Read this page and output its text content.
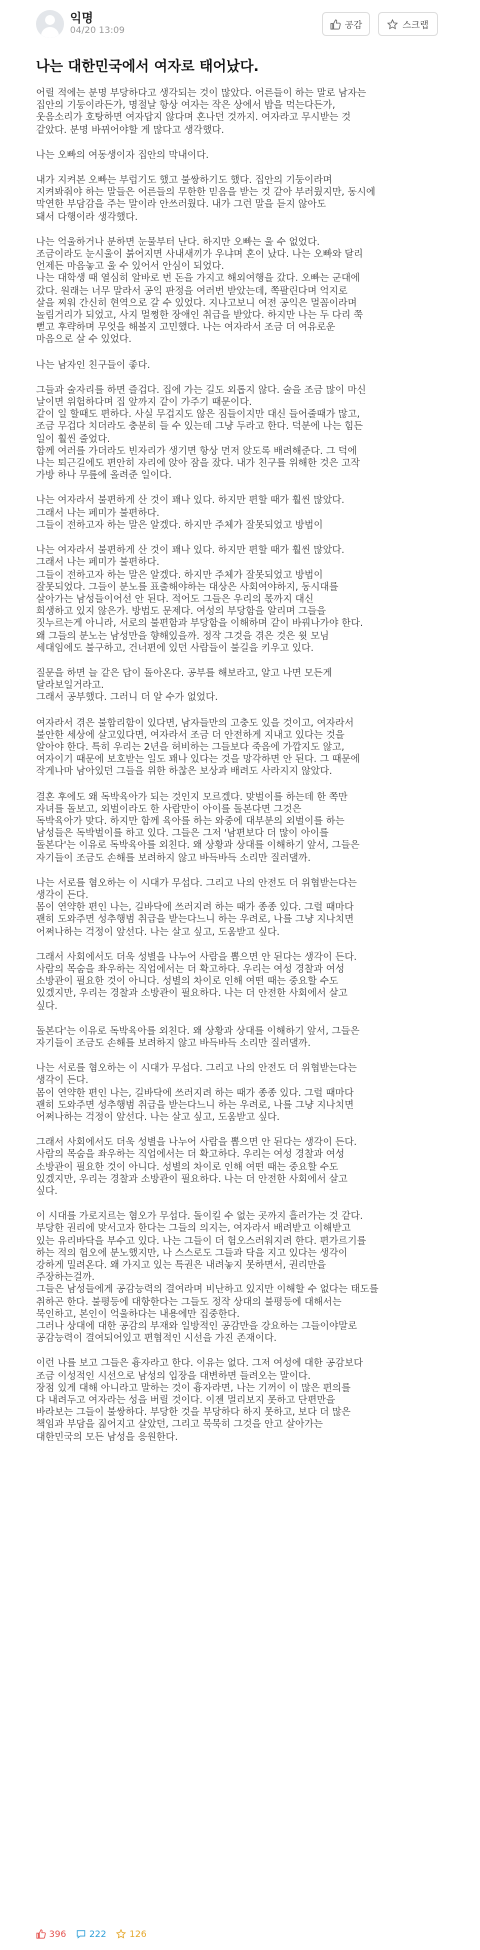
익명
04/20 13:09
공감	스크랩
나는 대한민국에서 여자로 태어났다.

어릴 적에는 분명 부당하다고 생각되는 것이 많았다. 어른들이 하는 말로 남자는
집안의 기둥이라든가, 명절날 항상 여자는 작은 상에서 밥을 먹는다든가,
웃음소리가 호탕하면 여자답지 않다며 혼나던 것까지. 여자라고 무시받는 것
같았다. 분명 바뀌어야할 게 많다고 생각했다.

나는 오빠의 여동생이자 집안의 막내이다.

내가 지켜본 오빠는 부럽기도 했고 불쌍하기도 했다. 집안의 기둥이라며
지켜봐줘야 하는 말들은 어른들의 무한한 믿음을 받는 것 같아 부러웠지만, 동시에
막연한 부담감을 주는 말이라 안쓰러웠다. 내가 그런 말을 듣지 않아도
돼서 다행이라 생각했다.

나는 억울하거나 분하면 눈물부터 난다. 하지만 오빠는 울 수 없었다.
조금이라도 눈시울이 붉어지면 사내새끼가 우냐며 혼이 났다. 나는 오빠와 달리
언제든 마음놓고 울 수 있어서 안심이 되었다.
나는 대학생 때 열심히 알바로 번 돈을 가지고 해외여행을 갔다. 오빠는 군대에
갔다. 원래는 너무 말라서 공익 판정을 여러번 받았는데, 쪽팔린다며 억지로
살을 찌워 간신히 현역으로 갈 수 있었다. 지나고보니 여전 공익은 멀꼼이라며
놀림거리가 되었고, 사지 멀쩡한 장애인 취급을 받았다. 하지만 나는 두 다리 쭉
뻗고 후략하며 무엇을 해볼지 고민했다. 나는 여자라서 조금 더 여유로운
마음으로 살 수 있었다.

나는 남자인 친구들이 좋다.

그들과 술자리를 하면 즐겁다. 집에 가는 길도 외롭지 않다. 술을 조금 많이 마신
날이면 위험하다며 집 앞까지 같이 가주기 때문이다.
같이 일 할때도 편하다. 사실 무겁지도 않은 짐들이지만 대신 들어줄때가 많고,
조금 무겁다 치더라도 충분히 들 수 있는데 그냥 두라고 한다. 덕분에 나는 힘든
일이 훨씬 줄었다.
함께 여러를 가더라도 빈자리가 생기면 항상 먼저 앉도록 배려해준다. 그 덕에
나는 퇴근길에도 편안히 자리에 앉아 잠을 잤다. 내가 친구를 위해한 것은 고작
가방 하나 무릎에 올려준 일이다.

나는 여자라서 불편하게 산 것이 꽤나 있다. 하지만 편할 때가 훨씬 많았다.
그래서 나는 페미가 불편하다.
그들이 전하고자 하는 말은 알겠다. 하지만 주체가 잘못되었고 방법이

나는 여자라서 불편하게 산 것이 꽤나 있다. 하지만 편할 때가 훨씬 많았다.
그래서 나는 페미가 불편하다.
그들이 전하고자 하는 말은 알겠다. 하지만 주체가 잘못되었고 방법이
잘못되었다. 그들이 분노를 표출해야하는 대상은 사회여야하지, 동시대를
살아가는 남성들이어선 안 된다. 적어도 그들은 우리의 몫까지 대신
희생하고 있지 않은가. 방법도 문제다. 여성의 부당함을 알리며 그들을
짓누르는게 아니라, 서로의 불편함과 부당함을 이해하며 같이 바꿔나가야 한다.
왜 그들의 분노는 남성만을 향해있을까. 정작 그것을 겪은 것은 윗 모님
세대임에도 불구하고, 건너편에 있던 사람들이 불길을 키우고 있다.

질문을 하면 늘 같은 답이 돌아온다. 공부를 해보라고, 알고 나면 모든게
달라보일거라고.
그래서 공부했다. 그러니 더 알 수가 없었다.

여자라서 겪은 불합리함이 있다면, 남자들만의 고충도 있을 것이고, 여자라서
불안한 세상에 살고있다면, 여자라서 조금 더 안전하게 지내고 있다는 것을
알아야 한다. 특히 우리는 2년을 허비하는 그들보다 죽음에 가깝지도 않고,
여자이기 때문에 보호받는 일도 꽤나 있다는 것을 망각하면 안 된다. 그 때문에
작게나마 남아있던 그들을 위한 하찮은 보상과 배려도 사라지지 않았다.

결혼 후에도 왜 독박육아가 되는 것인지 모르겠다. 맞벌이를 하는데 한 쪽만
자녀를 돌보고, 외벌이라도 한 사람만이 아이를 돌본다면 그것은
독박육아가 맞다. 하지만 함께 육아를 하는 와중에 대부분의 외벌이를 하는
남성들은 독박벌이를 하고 있다. 그들은 그저 '남편보다 더 많이 아이를
돌본다'는 이유로 독박육아를 외친다. 왜 상황과 상대를 이해하기 앞서, 그들은
자기들이 조금도 손해를 보려하지 않고 바득바득 소리만 질러댈까.

나는 서로를 혐오하는 이 시대가 무섭다. 그리고 나의 안전도 더 위협받는다는
생각이 든다.
몸이 연약한 편인 나는, 길바닥에 쓰러지려 하는 때가 종종 있다. 그럴 때마다
괜히 도와주면 성추행범 취급을 받는다느니 하는 우려로, 나를 그냥 지나치면
어쩌나하는 걱정이 앞선다. 나는 살고 싶고, 도움받고 싶다.

그래서 사회에서도 더욱 성별을 나누어 사람을 뽑으면 안 된다는 생각이 든다.
사람의 목숨을 좌우하는 직업에서는 더 확고하다. 우리는 여성 경찰과 여성
소방관이 필요한 것이 아니다. 성별의 차이로 인해 여떤 때는 중요할 수도
있겠지만, 우리는 경찰과 소방관이 필요하다. 나는 더 안전한 사회에서 살고
싶다.

돌본다'는 이유로 독박육아를 외친다. 왜 상황과 상대를 이해하기 앞서, 그들은
자기들이 조금도 손해를 보려하지 않고 바득바득 소리만 질러댈까.

나는 서로를 혐오하는 이 시대가 무섭다. 그리고 나의 안전도 더 위협받는다는
생각이 든다.
몸이 연약한 편인 나는, 길바닥에 쓰러지려 하는 때가 종종 있다. 그럴 때마다
괜히 도와주면 성추행범 취급을 받는다느니 하는 우려로, 나를 그냥 지나치면
어쩌나하는 걱정이 앞선다. 나는 살고 싶고, 도움받고 싶다.

그래서 사회에서도 더욱 성별을 나누어 사람을 뽑으면 안 된다는 생각이 든다.
사람의 목숨을 좌우하는 직업에서는 더 확고하다. 우리는 여성 경찰과 여성
소방관이 필요한 것이 아니다. 성별의 차이로 인해 여떤 때는 중요할 수도
있겠지만, 우리는 경찰과 소방관이 필요하다. 나는 더 안전한 사회에서 살고
싶다.

이 시대를 가로지르는 혐오가 무섭다. 돌이킬 수 없는 곳까지 흘러가는 것 같다.
부당한 권리에 맞서고자 한다는 그들의 의지는, 여자라서 배려받고 이해받고
있는 유리바닥을 부수고 있다. 나는 그들이 더 험오스러워지려 한다. 편가르기를
하는 적의 험오에 분노했지만, 나 스스로도 그들과 닥을 지고 있다는 생각이
강하게 밀려온다. 왜 가지고 있는 특권은 내려놓지 못하면서, 권리만을
주장하는걸까.
그들은 남성들에게 공감능력의 결여라며 비난하고 있지만 이해할 수 없다는 태도를
취하곤 한다. 불평등에 대항한다는 그들도 정작 상대의 불평등에 대해서는
묵인하고, 본인이 억울하다는 내용에만 집중한다.
그러나 상대에 대한 공감의 부재와 일방적인 공감만을 강요하는 그들이야말로
공감능력이 결여되어있고 편협적인 시선을 가진 존재이다.

이런 나를 보고 그들은 흉자라고 한다. 이유는 없다. 그저 여성에 대한 공감보다
조금 이성적인 시선으로 남성의 입장을 대변하면 들려오는 말이다.
장점 있게 대해 아니라고 말하는 것이 흉자라면, 나는 기꺼이 이 많은 편의를
다 내려두고 여자라는 성을 버릴 것이다. 이젠 멀리보지 못하고 단편만을
바라보는 그들이 불쌍하다. 부당한 것을 부당하다 하지 못하고, 보다 더 많은
책임과 부담을 짊어지고 살았던, 그리고 묵묵히 그것을 안고 살아가는
대한민국의 모든 남성을 응원한다.

396	222	126
